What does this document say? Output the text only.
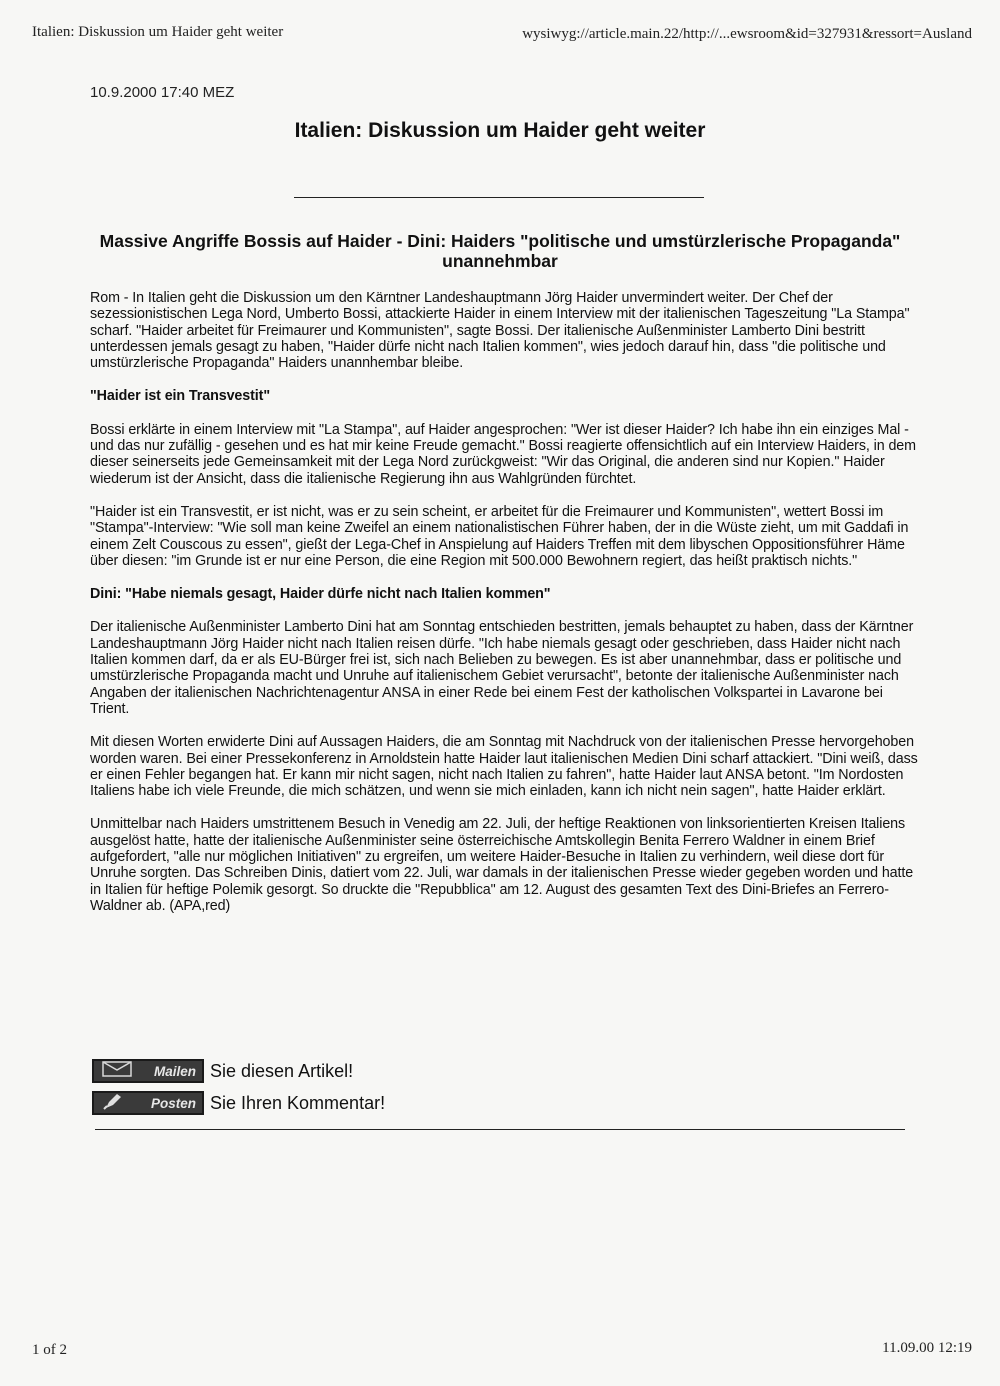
Italien: Diskussion um Haider geht weiter	wysiwyg://article.main.22/http://...ewsroom&id=327931&ressort=Ausland
10.9.2000 17:40 MEZ
Italien: Diskussion um Haider geht weiter
Massive Angriffe Bossis auf Haider - Dini: Haiders "politische und umstürzlerische Propaganda" unannehmbar

Rom - In Italien geht die Diskussion um den Kärntner Landeshauptmann Jörg Haider unvermindert weiter. Der Chef der sezessionistischen Lega Nord, Umberto Bossi, attackierte Haider in einem Interview mit der italienischen Tageszeitung "La Stampa" scharf. "Haider arbeitet für Freimaurer und Kommunisten", sagte Bossi. Der italienische Außenminister Lamberto Dini bestritt unterdessen jemals gesagt zu haben, "Haider dürfe nicht nach Italien kommen", wies jedoch darauf hin, dass "die politische und umstürzlerische Propaganda" Haiders unannhembar bleibe.

"Haider ist ein Transvestit"

Bossi erklärte in einem Interview mit "La Stampa", auf Haider angesprochen: "Wer ist dieser Haider? Ich habe ihn ein einziges Mal - und das nur zufällig - gesehen und es hat mir keine Freude gemacht." Bossi reagierte offensichtlich auf ein Interview Haiders, in dem dieser seinerseits jede Gemeinsamkeit mit der Lega Nord zurückgweist: "Wir das Original, die anderen sind nur Kopien." Haider wiederum ist der Ansicht, dass die italienische Regierung ihn aus Wahlgründen fürchtet.

"Haider ist ein Transvestit, er ist nicht, was er zu sein scheint, er arbeitet für die Freimaurer und Kommunisten", wettert Bossi im "Stampa"-Interview: "Wie soll man keine Zweifel an einem nationalistischen Führer haben, der in die Wüste zieht, um mit Gaddafi in einem Zelt Couscous zu essen", gießt der Lega-Chef in Anspielung auf Haiders Treffen mit dem libyschen Oppositionsführer Häme über diesen: "im Grunde ist er nur eine Person, die eine Region mit 500.000 Bewohnern regiert, das heißt praktisch nichts."

Dini: "Habe niemals gesagt, Haider dürfe nicht nach Italien kommen"

Der italienische Außenminister Lamberto Dini hat am Sonntag entschieden bestritten, jemals behauptet zu haben, dass der Kärntner Landeshauptmann Jörg Haider nicht nach Italien reisen dürfe. "Ich habe niemals gesagt oder geschrieben, dass Haider nicht nach Italien kommen darf, da er als EU-Bürger frei ist, sich nach Belieben zu bewegen. Es ist aber unannehmbar, dass er politische und umstürzlerische Propaganda macht und Unruhe auf italienischem Gebiet verursacht", betonte der italienische Außenminister nach Angaben der italienischen Nachrichtenagentur ANSA in einer Rede bei einem Fest der katholischen Volkspartei in Lavarone bei Trient.

Mit diesen Worten erwiderte Dini auf Aussagen Haiders, die am Sonntag mit Nachdruck von der italienischen Presse hervorgehoben worden waren. Bei einer Pressekonferenz in Arnoldstein hatte Haider laut italienischen Medien Dini scharf attackiert. "Dini weiß, dass er einen Fehler begangen hat. Er kann mir nicht sagen, nicht nach Italien zu fahren", hatte Haider laut ANSA betont. "Im Nordosten Italiens habe ich viele Freunde, die mich schätzen, und wenn sie mich einladen, kann ich nicht nein sagen", hatte Haider erklärt.

Unmittelbar nach Haiders umstrittenem Besuch in Venedig am 22. Juli, der heftige Reaktionen von linksorientierten Kreisen Italiens ausgelöst hatte, hatte der italienische Außenminister seine österreichische Amtskollegin Benita Ferrero Waldner in einem Brief aufgefordert, "alle nur möglichen Initiativen" zu ergreifen, um weitere Haider-Besuche in Italien zu verhindern, weil diese dort für Unruhe sorgten. Das Schreiben Dinis, datiert vom 22. Juli, war damals in der italienischen Presse wieder gegeben worden und hatte in Italien für heftige Polemik gesorgt. So druckte die "Repubblica" am 12. August des gesamten Text des Dini-Briefes an Ferrero-Waldner ab. (APA,red)

Mailen Sie diesen Artikel!
Posten Sie Ihren Kommentar!
1 of 2	11.09.00 12:19
